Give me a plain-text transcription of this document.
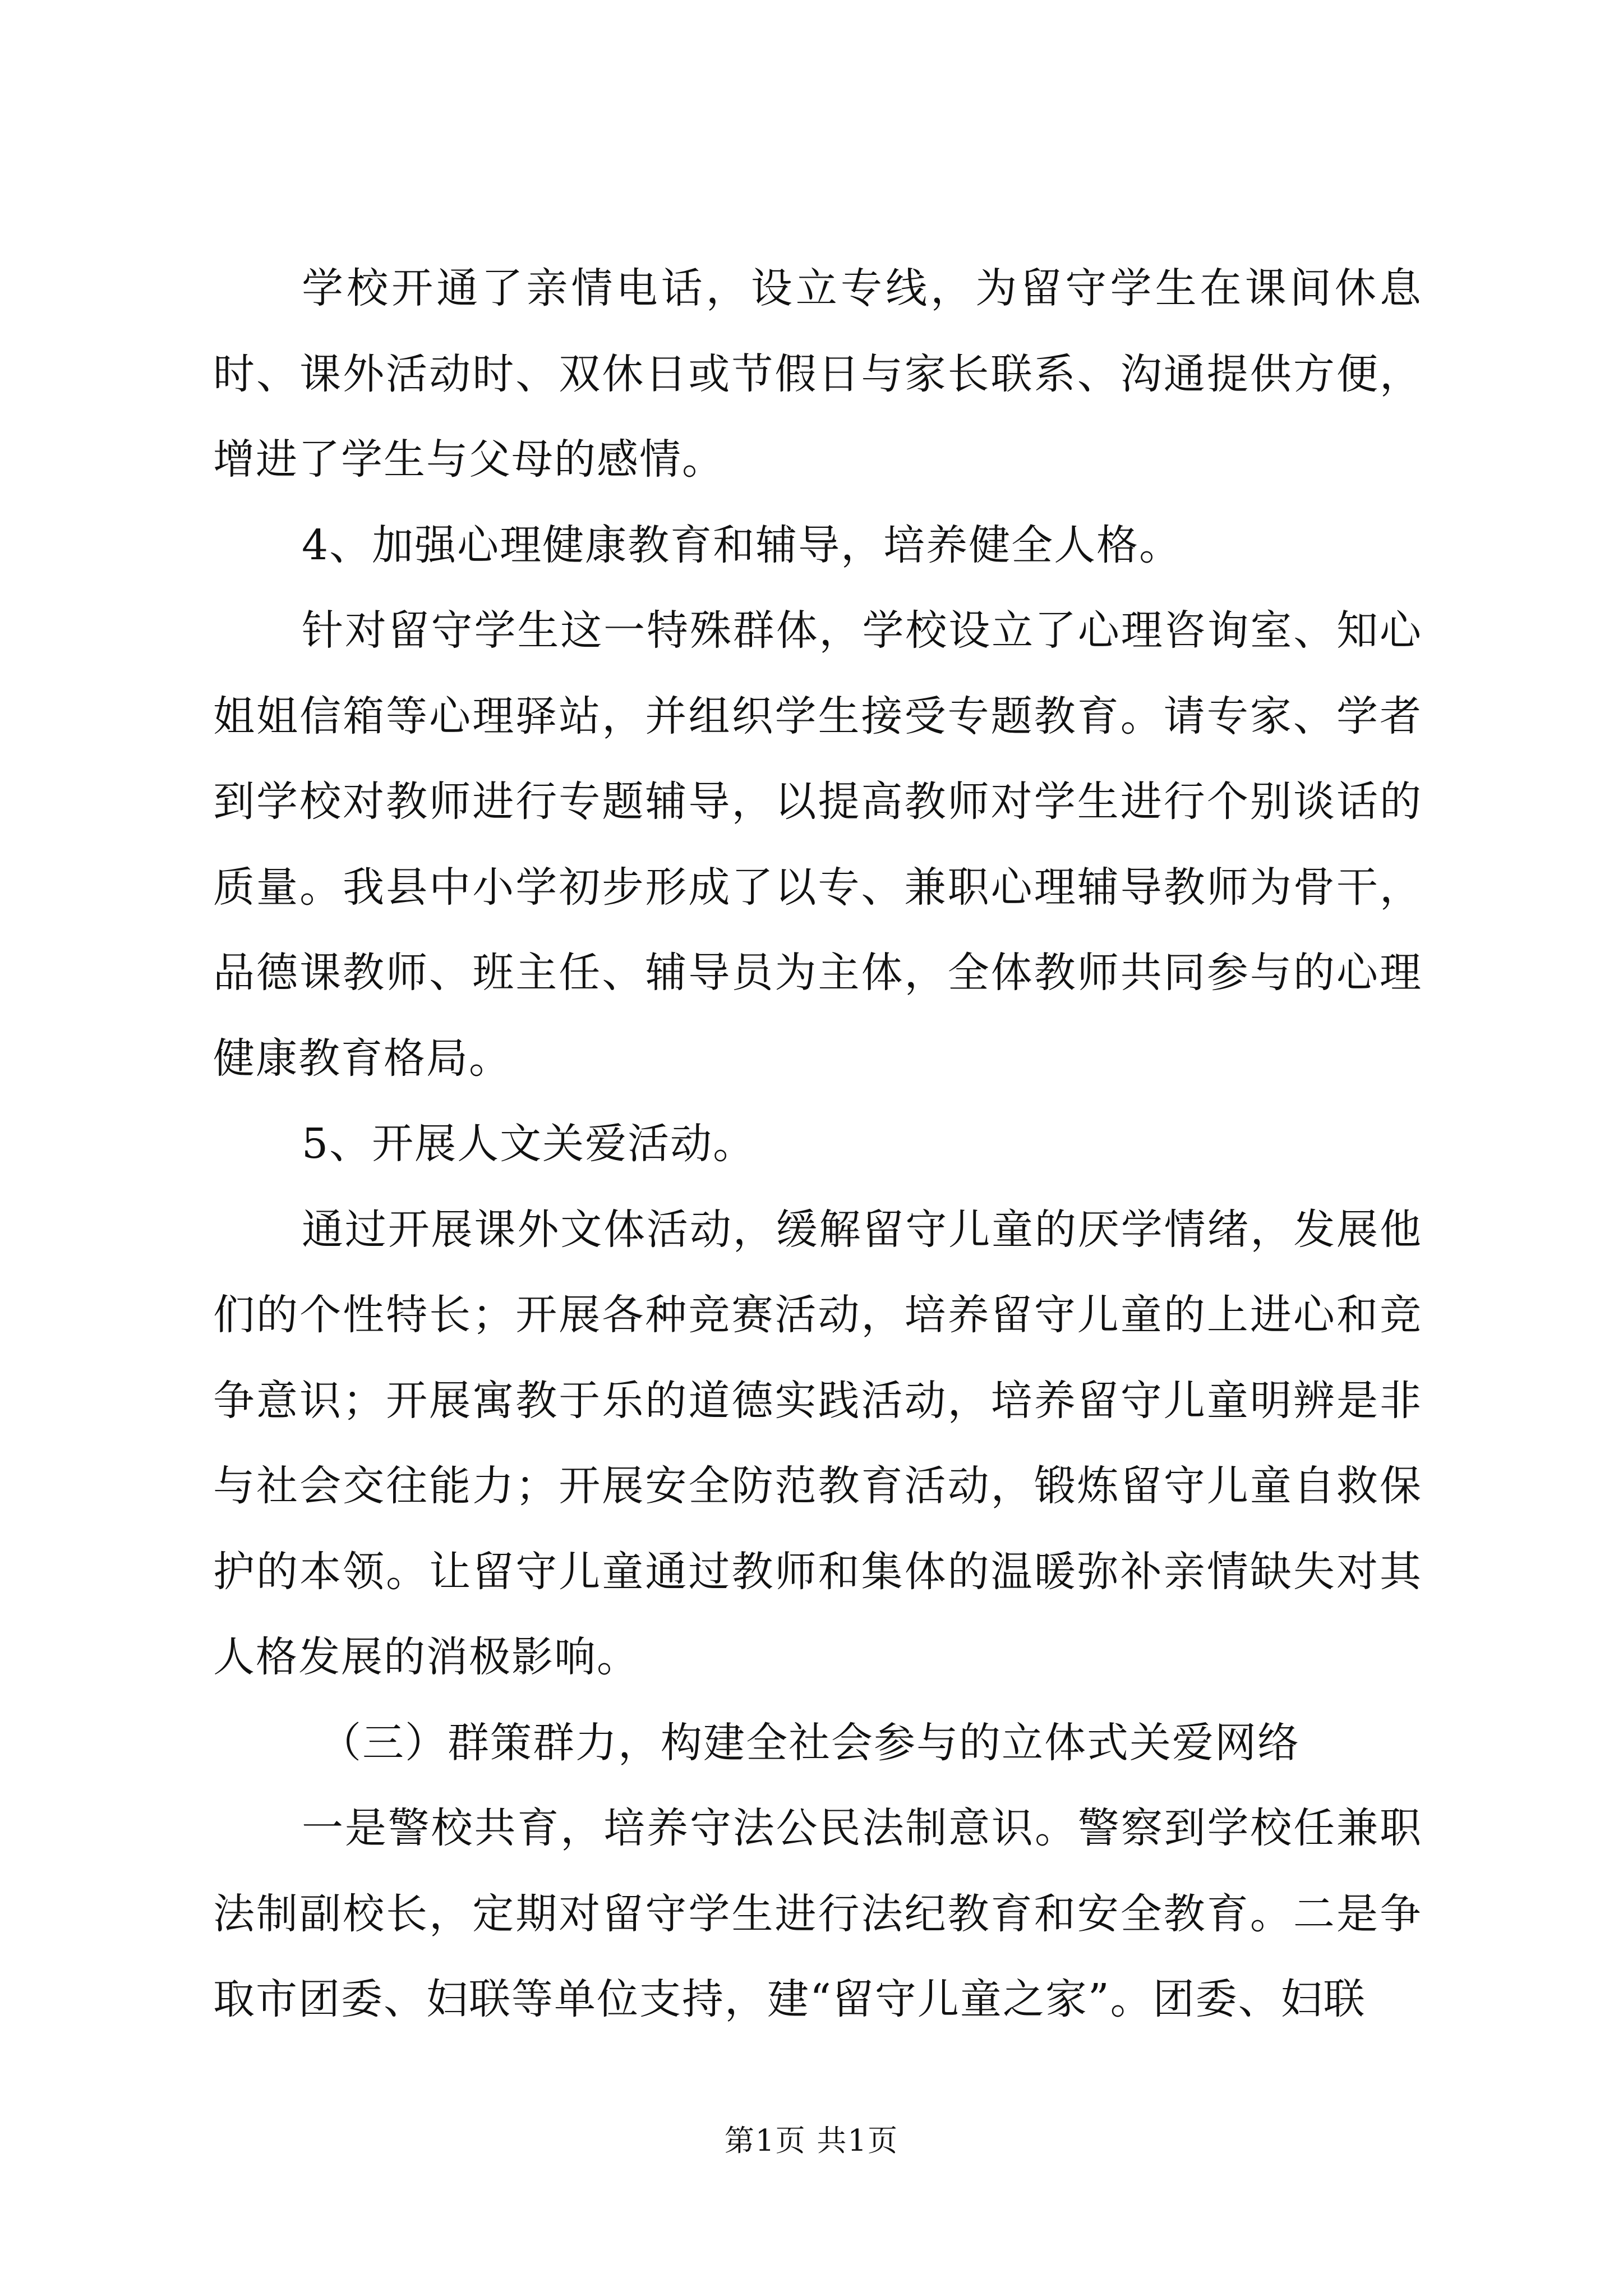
学校开通了亲情电话，设立专线，为留守学生在课间休息时、课外活动时、双休日或节假日与家长联系、沟通提供方便，增进了学生与父母的感情。

4、加强心理健康教育和辅导，培养健全人格。

针对留守学生这一特殊群体，学校设立了心理咨询室、知心姐姐信箱等心理驿站，并组织学生接受专题教育。请专家、学者到学校对教师进行专题辅导，以提高教师对学生进行个别谈话的质量。我县中小学初步形成了以专、兼职心理辅导教师为骨干，品德课教师、班主任、辅导员为主体，全体教师共同参与的心理健康教育格局。

5、开展人文关爱活动。

通过开展课外文体活动，缓解留守儿童的厌学情绪，发展他们的个性特长；开展各种竞赛活动，培养留守儿童的上进心和竞争意识；开展寓教于乐的道德实践活动，培养留守儿童明辨是非与社会交往能力；开展安全防范教育活动，锻炼留守儿童自救保护的本领。让留守儿童通过教师和集体的温暖弥补亲情缺失对其人格发展的消极影响。

（三）群策群力，构建全社会参与的立体式关爱网络

一是警校共育，培养守法公民法制意识。警察到学校任兼职法制副校长，定期对留守学生进行法纪教育和安全教育。二是争取市团委、妇联等单位支持，建“留守儿童之家”。团委、妇联

第1页 共1页
